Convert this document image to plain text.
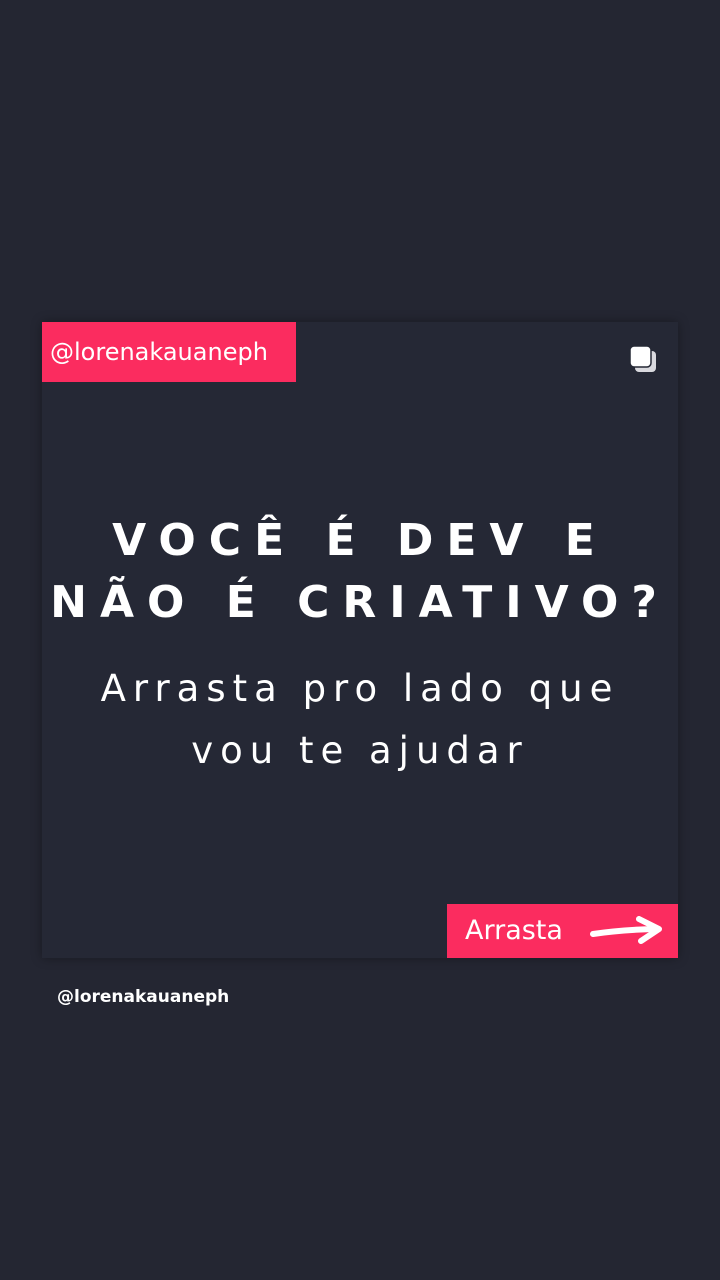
@lorenakauaneph
VOCÊ É DEV E
NÃO É CRIATIVO?
Arrasta pro lado que
vou te ajudar
Arrasta
@lorenakauaneph
